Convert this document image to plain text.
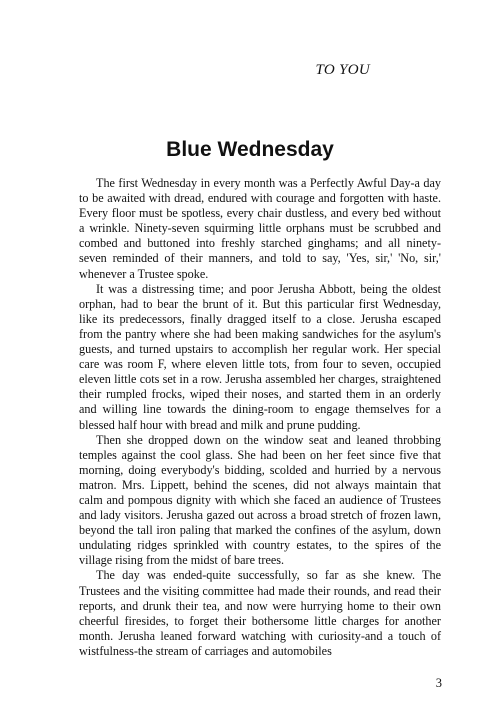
TO YOU
Blue Wednesday

The first Wednesday in every month was a Perfectly Awful Day-a day to be awaited with dread, endured with courage and forgotten with haste. Every floor must be spotless, every chair dustless, and every bed without a wrinkle. Ninety-seven squirming little orphans must be scrubbed and combed and buttoned into freshly starched ginghams; and all ninety-seven reminded of their manners, and told to say, 'Yes, sir,' 'No, sir,' whenever a Trustee spoke.

It was a distressing time; and poor Jerusha Abbott, being the oldest orphan, had to bear the brunt of it. But this particular first Wednesday, like its predecessors, finally dragged itself to a close. Jerusha escaped from the pantry where she had been making sandwiches for the asylum's guests, and turned upstairs to accomplish her regular work. Her special care was room F, where eleven little tots, from four to seven, occupied eleven little cots set in a row. Jerusha assembled her charges, straightened their rumpled frocks, wiped their noses, and started them in an orderly and willing line towards the dining-room to engage themselves for a blessed half hour with bread and milk and prune pudding.

Then she dropped down on the window seat and leaned throbbing temples against the cool glass. She had been on her feet since five that morning, doing everybody's bidding, scolded and hurried by a nervous matron. Mrs. Lippett, behind the scenes, did not always maintain that calm and pompous dignity with which she faced an audience of Trustees and lady visitors. Jerusha gazed out across a broad stretch of frozen lawn, beyond the tall iron paling that marked the confines of the asylum, down undulating ridges sprinkled with country estates, to the spires of the village rising from the midst of bare trees.

The day was ended-quite successfully, so far as she knew. The Trustees and the visiting committee had made their rounds, and read their reports, and drunk their tea, and now were hurrying home to their own cheerful firesides, to forget their bothersome little charges for another month. Jerusha leaned forward watching with curiosity-and a touch of wistfulness-the stream of carriages and automobiles

3
